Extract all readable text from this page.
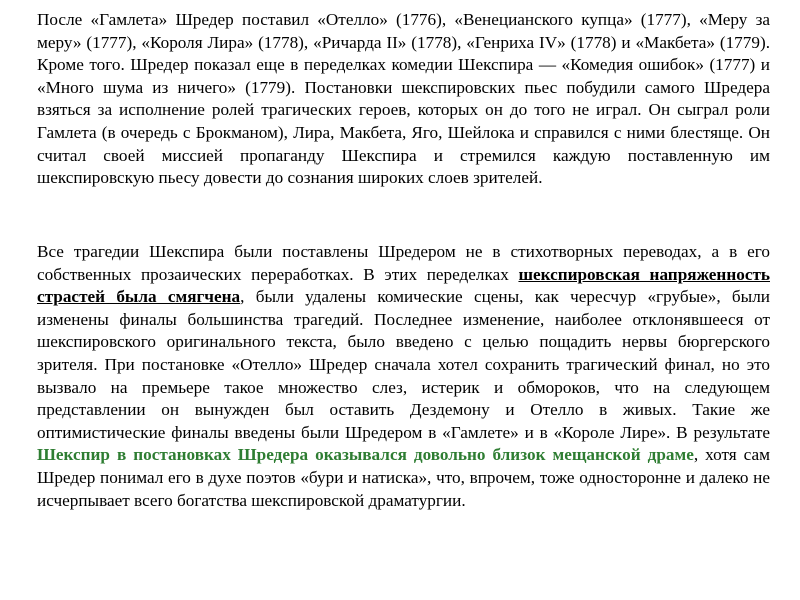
После «Гамлета» Шредер поставил «Отелло» (1776), «Венецианского купца» (1777), «Меру за меру» (1777), «Короля Лира» (1778), «Ричарда II» (1778), «Генриха IV» (1778) и «Макбета» (1779). Кроме того. Шредер показал еще в переделках комедии Шекспира — «Комедия ошибок» (1777) и «Много шума из ничего» (1779). Постановки шекспировских пьес побудили самого Шредера взяться за исполнение ролей трагических героев, которых он до того не играл. Он сыграл роли Гамлета (в очередь с Брокманом), Лира, Макбета, Яго, Шейлока и справился с ними блестяще. Он считал своей миссией пропаганду Шекспира и стремился каждую поставленную им шекспировскую пьесу довести до сознания широких слоев зрителей.

Все трагедии Шекспира были поставлены Шредером не в стихотворных переводах, а в его собственных прозаических переработках. В этих переделках шекспировская напряженность страстей была смягчена, были удалены комические сцены, как чересчур «грубые», были изменены финалы большинства трагедий. Последнее изменение, наиболее отклонявшееся от шекспировского оригинального текста, было введено с целью пощадить нервы бюргерского зрителя. При постановке «Отелло» Шредер сначала хотел сохранить трагический финал, но это вызвало на премьере такое множество слез, истерик и обмороков, что на следующем представлении он вынужден был оставить Дездемону и Отелло в живых. Такие же оптимистические финалы введены были Шредером в «Гамлете» и в «Короле Лире». В результате Шекспир в постановках Шредера оказывался довольно близок мещанской драме, хотя сам Шредер понимал его в духе поэтов «бури и натиска», что, впрочем, тоже односторонне и далеко не исчерпывает всего богатства шекспировской драматургии.
